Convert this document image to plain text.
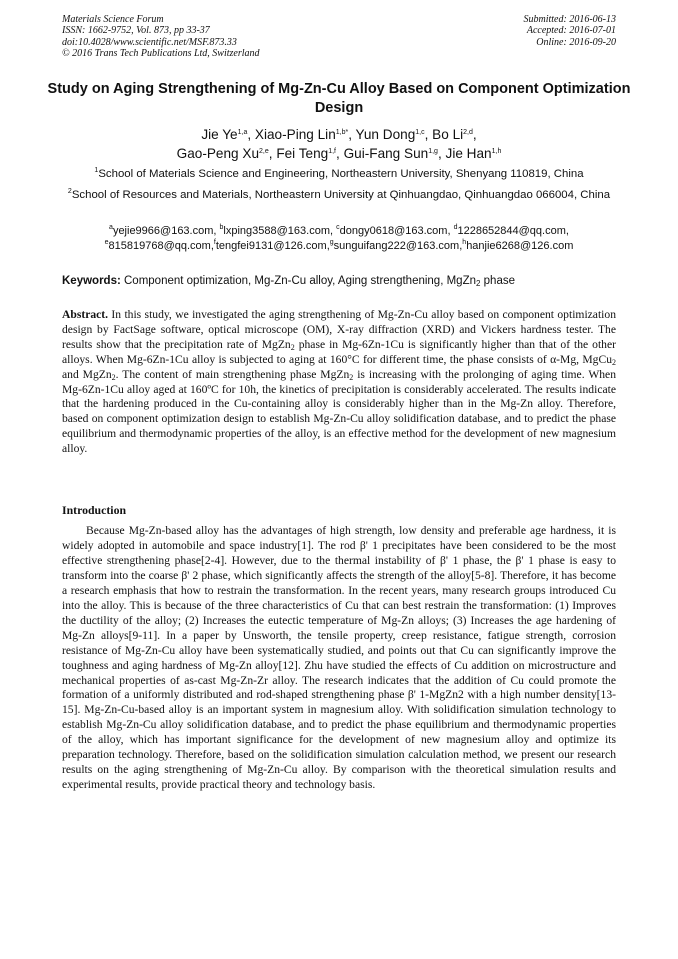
Materials Science Forum
ISSN: 1662-9752, Vol. 873, pp 33-37
doi:10.4028/www.scientific.net/MSF.873.33
© 2016 Trans Tech Publications Ltd, Switzerland
Submitted: 2016-06-13
Accepted: 2016-07-01
Online: 2016-09-20
Study on Aging Strengthening of Mg-Zn-Cu Alloy Based on Component Optimization Design
Jie Ye$^{1,a}$, Xiao-Ping Lin$^{1,b*}$, Yun Dong$^{1,c}$, Bo Li$^{2,d}$,
Gao-Peng Xu$^{2,e}$, Fei Teng$^{1,f}$, Gui-Fang Sun$^{1,g}$, Jie Han$^{1,h}$
$^1$School of Materials Science and Engineering, Northeastern University, Shenyang 110819, China
$^2$School of Resources and Materials, Northeastern University at Qinhuangdao, Qinhuangdao 066004, China
$^a$yejie9966@163.com, $^b$lxping3588@163.com, $^c$dongy0618@163.com, $^d$1228652844@qq.com,
$^e$815819768@qq.com,$^f$tengfei9131@126.com,$^g$sunguifang222@163.com,$^h$hanjie6268@126.com
Keywords: Component optimization, Mg-Zn-Cu alloy, Aging strengthening, MgZn$_2$ phase
Abstract. In this study, we investigated the aging strengthening of Mg-Zn-Cu alloy based on component optimization design by FactSage software, optical microscope (OM), X-ray diffraction (XRD) and Vickers hardness tester. The results show that the precipitation rate of MgZn$_2$ phase in Mg-6Zn-1Cu is significantly higher than that of the other alloys. When Mg-6Zn-1Cu alloy is subjected to aging at 160°C for different time, the phase consists of α-Mg, MgCu$_2$ and MgZn$_2$. The content of main strengthening phase MgZn$_2$ is increasing with the prolonging of aging time. When Mg-6Zn-1Cu alloy aged at 160ºC for 10h, the kinetics of precipitation is considerably accelerated. The results indicate that the hardening produced in the Cu-containing alloy is considerably higher than in the Mg-Zn alloy. Therefore, based on component optimization design to establish Mg-Zn-Cu alloy solidification database, and to predict the phase equilibrium and thermodynamic properties of the alloy, is an effective method for the development of new magnesium alloy.
Introduction
Because Mg-Zn-based alloy has the advantages of high strength, low density and preferable age hardness, it is widely adopted in automobile and space industry[1]. The rod β' 1 precipitates have been considered to be the most effective strengthening phase[2-4]. However, due to the thermal instability of β' 1 phase, the β' 1 phase is easy to transform into the coarse β' 2 phase, which significantly affects the strength of the alloy[5-8]. Therefore, it has become a research emphasis that how to restrain the transformation. In the recent years, many research groups introduced Cu into the alloy. This is because of the three characteristics of Cu that can best restrain the transformation: (1) Improves the ductility of the alloy; (2) Increases the eutectic temperature of Mg-Zn alloys; (3) Increases the age hardening of Mg-Zn alloys[9-11]. In a paper by Unsworth, the tensile property, creep resistance, fatigue strength, corrosion resistance of Mg-Zn-Cu alloy have been systematically studied, and points out that Cu can significantly improve the toughness and aging hardness of Mg-Zn alloy[12]. Zhu have studied the effects of Cu addition on microstructure and mechanical properties of as-cast Mg-Zn-Zr alloy. The research indicates that the addition of Cu could promote the formation of a uniformly distributed and rod-shaped strengthening phase β' 1-MgZn2 with a high number density[13-15]. Mg-Zn-Cu-based alloy is an important system in magnesium alloy. With solidification simulation technology to establish Mg-Zn-Cu alloy solidification database, and to predict the phase equilibrium and thermodynamic properties of the alloy, which has important significance for the development of new magnesium alloy and optimize its preparation technology. Therefore, based on the solidification simulation calculation method, we present our research results on the aging strengthening of Mg-Zn-Cu alloy. By comparison with the theoretical simulation results and experimental results, provide practical theory and technology basis.
